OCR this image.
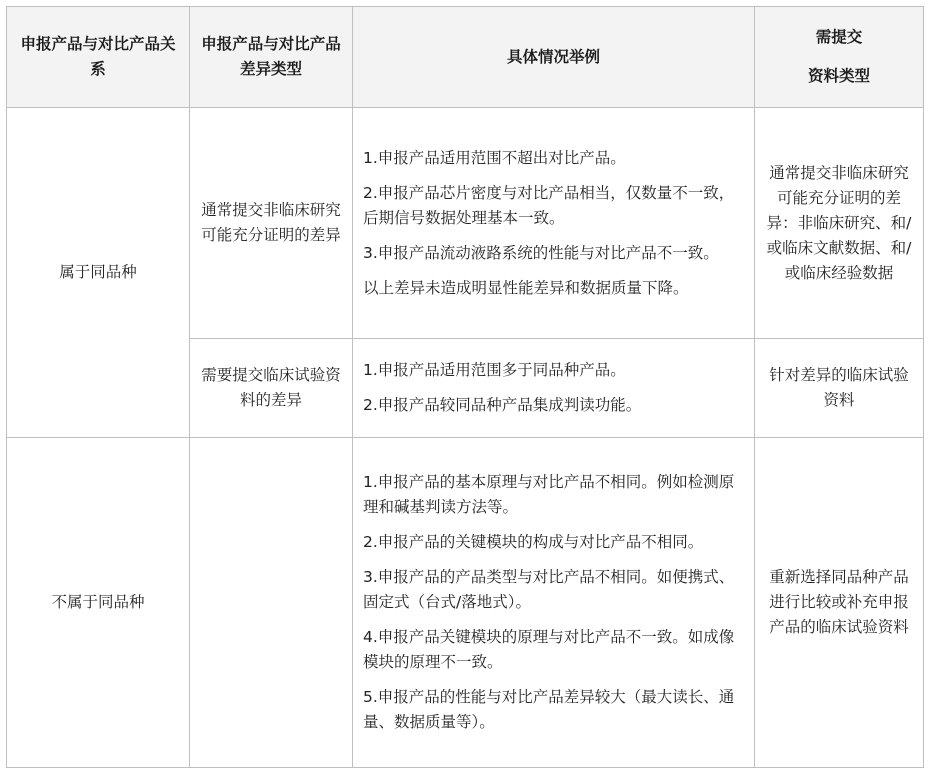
申报产品与对比产品关系	申报产品与对比产品差异类型	具体情况举例	需提交

资料类型

属于同品种	通常提交非临床研究可能充分证明的差异	1.申报产品适用范围不超出对比产品。

2.申报产品芯片密度与对比产品相当，仅数量不一致，后期信号数据处理基本一致。

3.申报产品流动液路系统的性能与对比产品不一致。

以上差异未造成明显性能差异和数据质量下降。	通常提交非临床研究可能充分证明的差异：非临床研究、和/或临床文献数据、和/或临床经验数据
	需要提交临床试验资料的差异	1.申报产品适用范围多于同品种产品。

2.申报产品较同品种产品集成判读功能。	针对差异的临床试验资料
不属于同品种		1.申报产品的基本原理与对比产品不相同。例如检测原理和碱基判读方法等。

2.申报产品的关键模块的构成与对比产品不相同。

3.申报产品的产品类型与对比产品不相同。如便携式、固定式（台式/落地式）。

4.申报产品关键模块的原理与对比产品不一致。如成像模块的原理不一致。

5.申报产品的性能与对比产品差异较大（最大读长、通量、数据质量等）。	重新选择同品种产品进行比较或补充申报产品的临床试验资料
